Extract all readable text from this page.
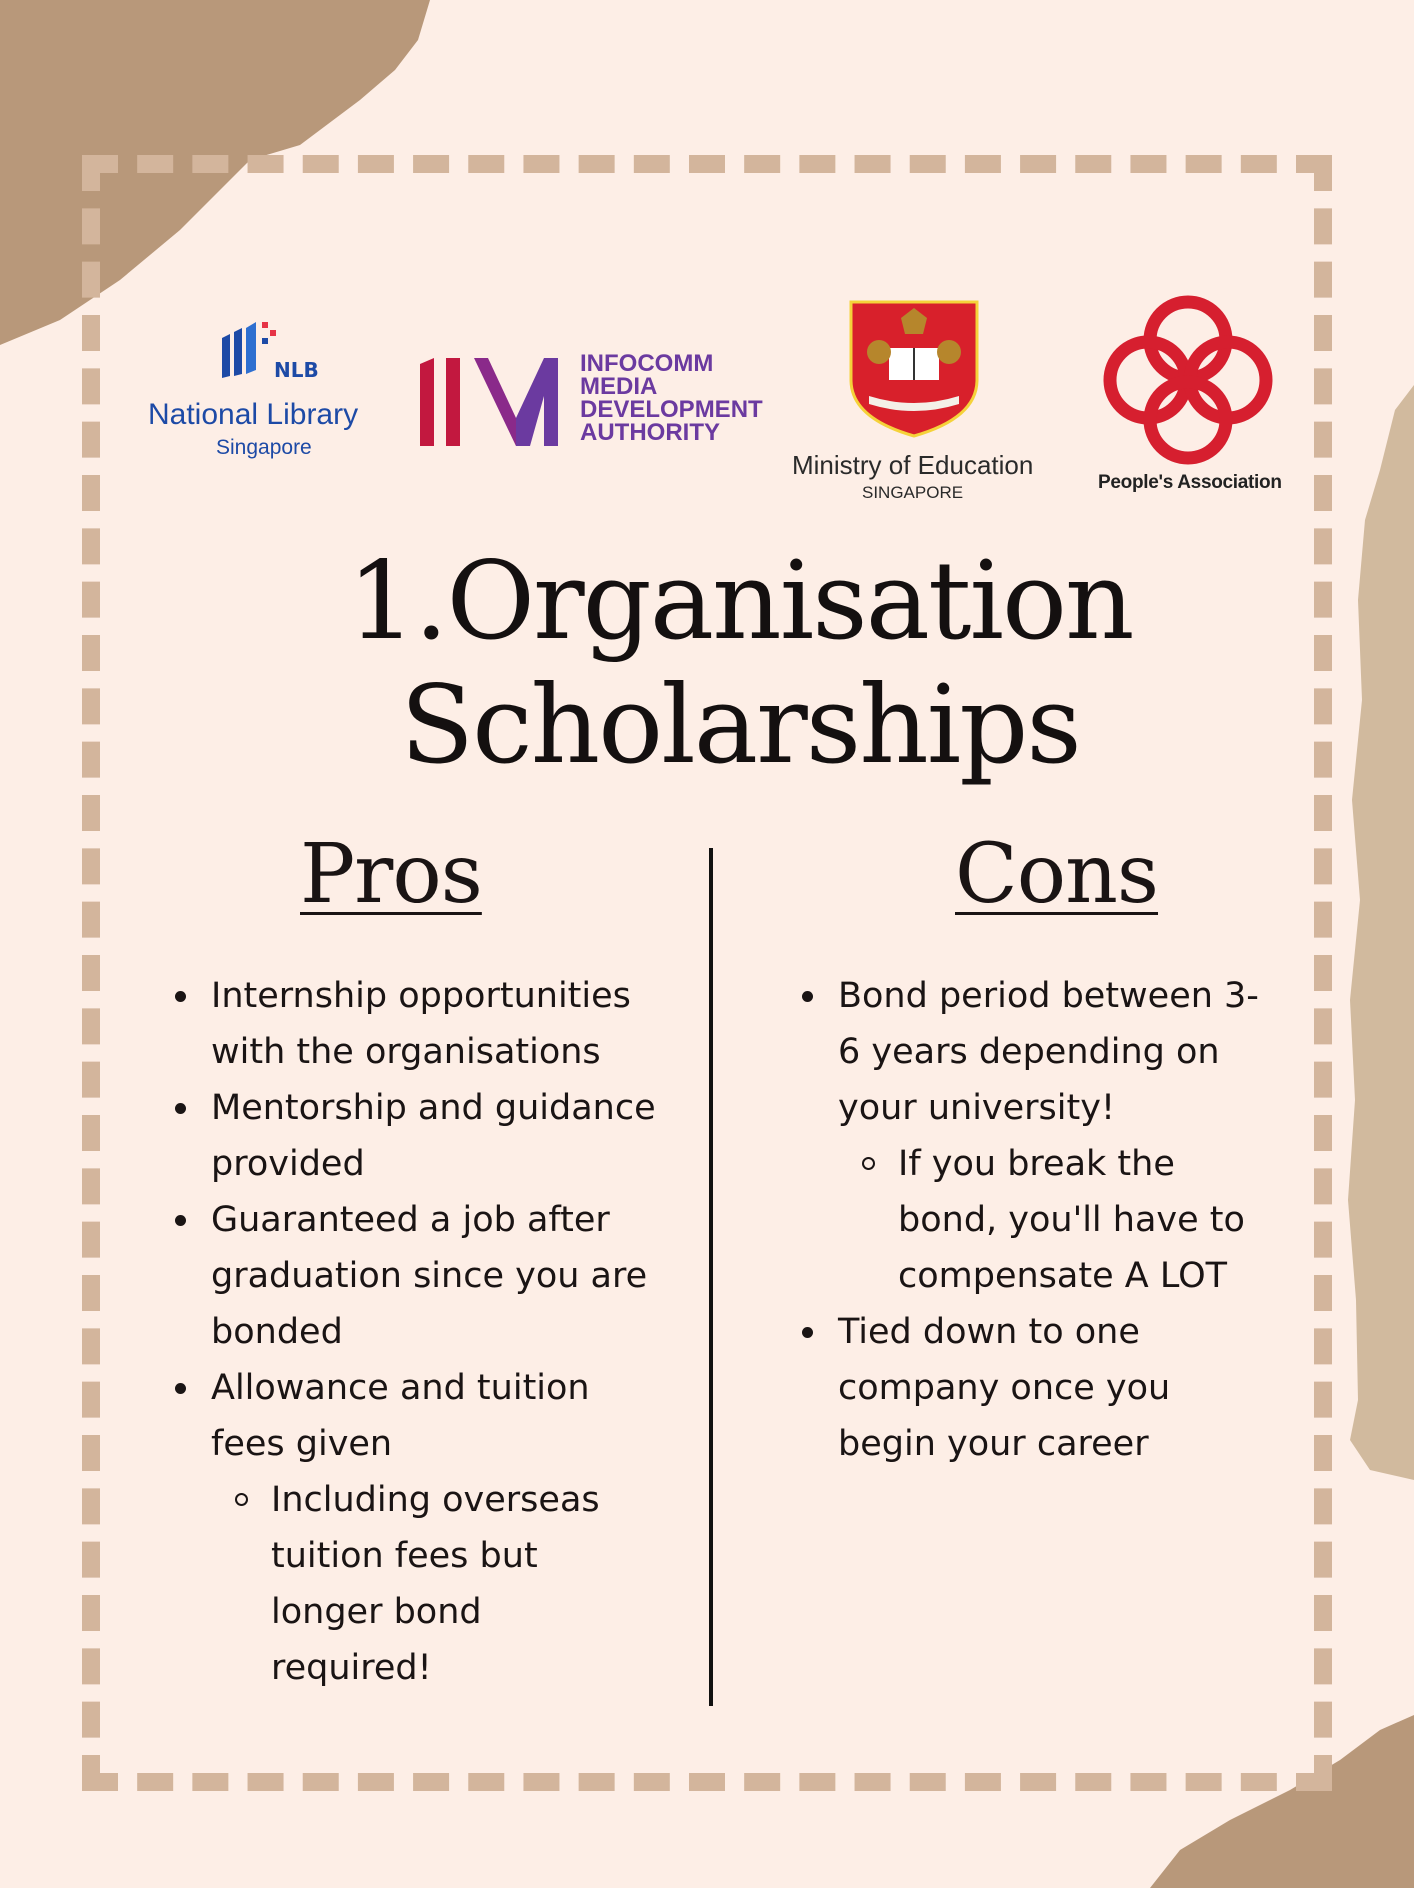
NLB
National Library
Singapore
INFOCOMM
MEDIA
DEVELOPMENT
AUTHORITY
Ministry of Education
SINGAPORE	People's Association
1.Organisation
Scholarships
Pros	Cons
Internship opportunities with the organisations
Mentorship and guidance provided
Guaranteed a job after graduation since you are bonded
Allowance and tuition fees given
Including overseas tuition fees but longer bond required!
Bond period between 3-6 years depending on your university!
If you break the bond, you'll have to compensate A LOT
Tied down to one company once you begin your career
